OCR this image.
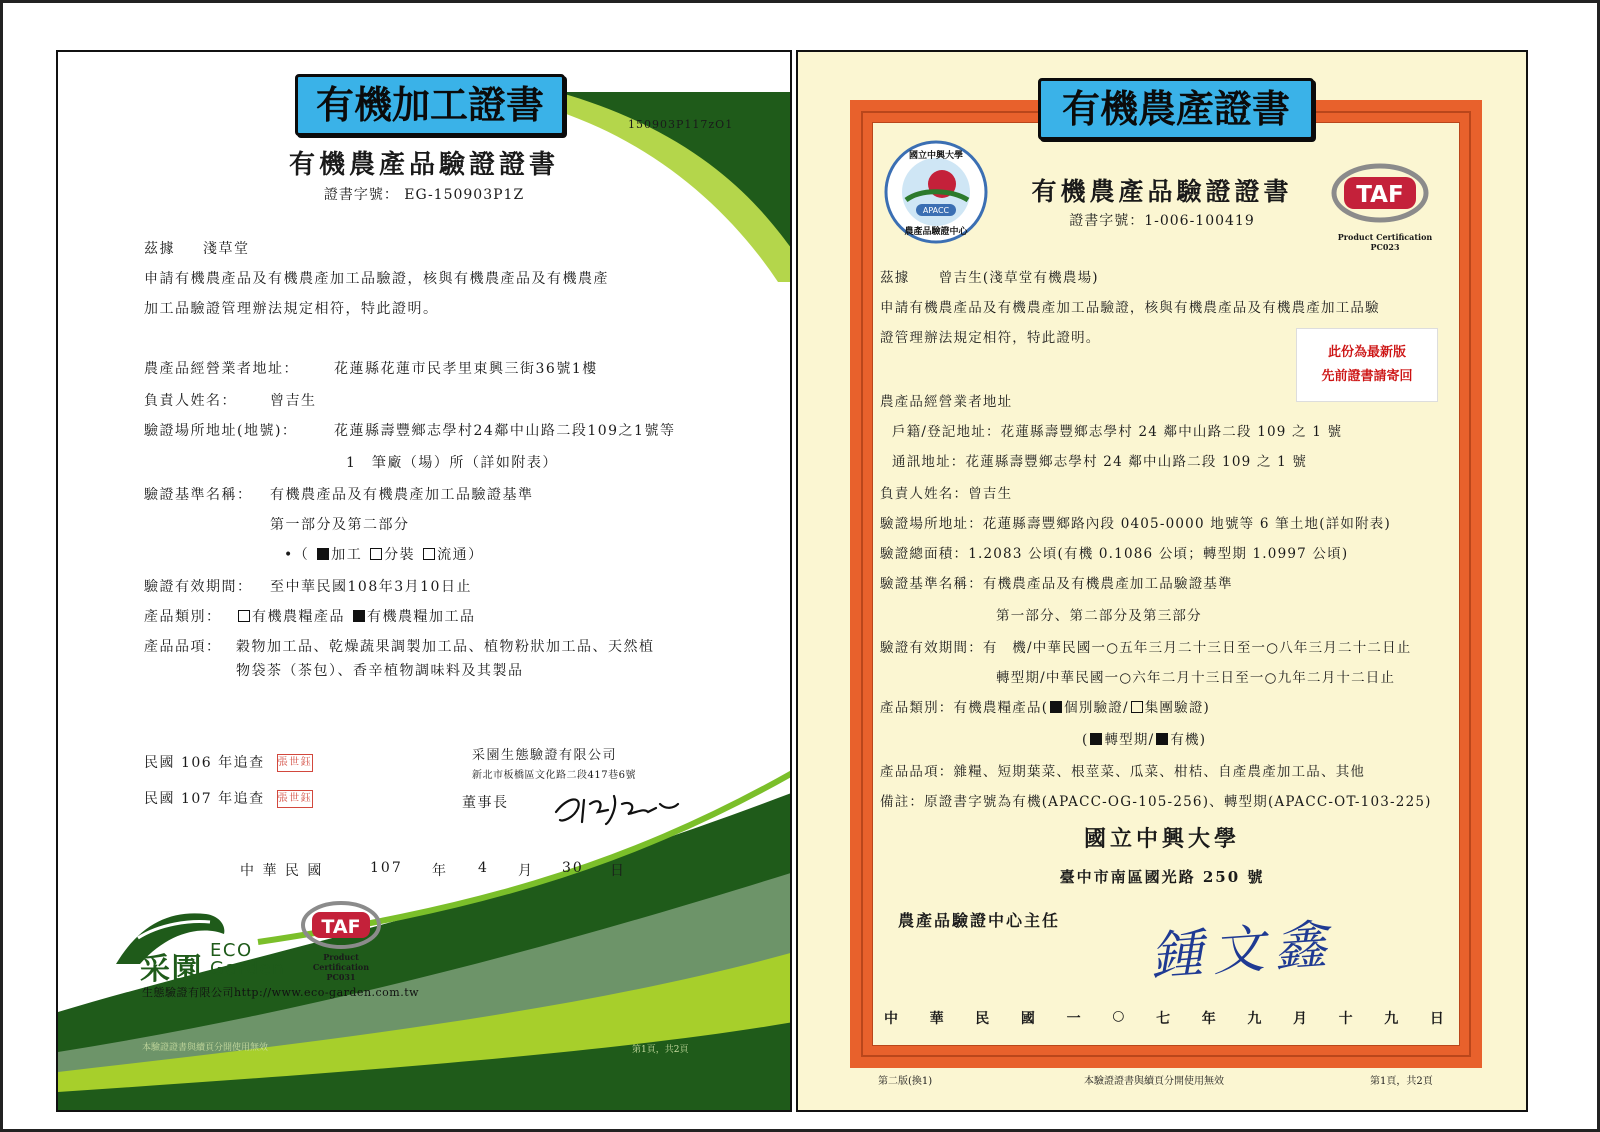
有機加工證書	150903P117zO1
有機農產品驗證證書
證書字號： EG-150903P1Z
茲據 淺草堂
申請有機農產品及有機農產加工品驗證，核與有機農產品及有機農產
加工品驗證管理辦法規定相符，特此證明。
農產品經營業者地址：	花蓮縣花蓮市民孝里東興三街36號1樓
負責人姓名： 曾吉生
驗證場所地址(地號)：	花蓮縣壽豐鄉志學村24鄰中山路二段109之1號等
1　筆廠（場）所（詳如附表）
驗證基準名稱： 有機農產品及有機農產加工品驗證基準
第一部分及第二部分
•（ 加工 分裝 流通）
驗證有效期間： 至中華民國108年3月10日止
產品類別：	有機農糧產品 有機農糧加工品
產品品項： 穀物加工品、乾燥蔬果調製加工品、植物粉狀加工品、天然植
物袋茶（茶包）、香辛植物調味料及其製品
民國 106 年追查 張世鈺
民國 107 年追查 張世鈺
采園生態驗證有限公司
新北市板橋區文化路二段417巷6號
董事長
中 華 民 國	107 年 4 月 30 日
采園
ECO
Garden
生態驗證有限公司http://www.eco-garden.com.tw
TAF
Product Certification
PC031
本驗證證書與續頁分開使用無效	第1頁，共2頁
有機農產證書
APACC
國立中興大學
農產品驗證中心
有機農產品驗證證書
證書字號：1-006-100419
TAF
Product Certification
PC023
茲據　　曾吉生(淺草堂有機農場)
申請有機農產品及有機農產加工品驗證，核與有機農產品及有機農產加工品驗
證管理辦法規定相符，特此證明。
此份為最新版
先前證書請寄回
農產品經營業者地址
戶籍/登記地址：花蓮縣壽豐鄉志學村 24 鄰中山路二段 109 之 1 號
通訊地址：花蓮縣壽豐鄉志學村 24 鄰中山路二段 109 之 1 號
負責人姓名：曾吉生
驗證場所地址：花蓮縣壽豐鄉路內段 0405-0000 地號等 6 筆土地(詳如附表)
驗證總面積：1.2083 公頃(有機 0.1086 公頃；轉型期 1.0997 公頃)
驗證基準名稱：有機農產品及有機農產加工品驗證基準
第一部分、第二部分及第三部分
驗證有效期間：有　機/中華民國一○五年三月二十三日至一○八年三月二十二日止
轉型期/中華民國一○六年二月十三日至一○九年二月十二日止
產品類別：有機農糧產品( 個別驗證/ 集團驗證)
( 轉型期/ 有機)
產品品項：雜糧、短期葉菜、根莖菜、瓜菜、柑桔、自產農產加工品、其他
備註：原證書字號為有機(APACC-OG-105-256)、轉型期(APACC-OT-103-225)
國立中興大學
臺中市南區國光路 250 號
農產品驗證中心主任 鍾文鑫
中 華 民 國 一 ○ 七 年 九 月 十 九 日
第二版(換1)	本驗證證書與續頁分開使用無效	第1頁，共2頁
